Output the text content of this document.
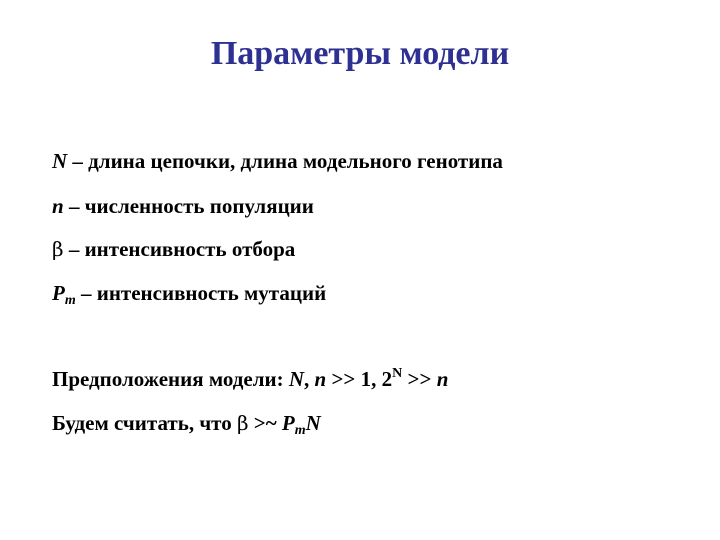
Параметры модели
N – длина цепочки, длина модельного генотипа
n – численность популяции
β – интенсивность отбора
$P_m$ – интенсивность мутаций
Предположения модели: N, n >> 1, $2^N >> n$
Будем считать, что β >~ $P_mN$
